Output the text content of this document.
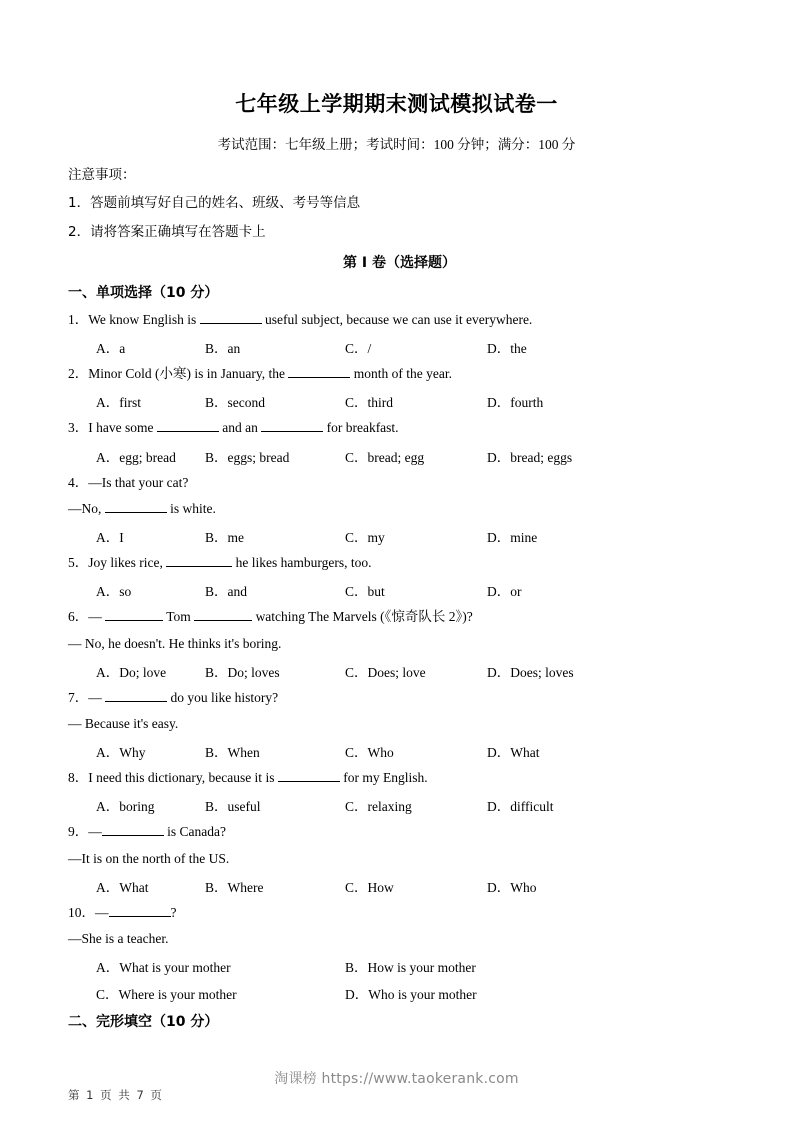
七年级上学期期末测试模拟试卷一
考试范围：七年级上册；考试时间：100 分钟；满分：100 分

注意事项：

1．答题前填写好自己的姓名、班级、考号等信息

2．请将答案正确填写在答题卡上

第 I 卷（选择题）

一、单项选择（10 分）

1．We know English is	useful subject, because we can use it everywhere.

A．a	B．an	C．/	D．the

2．Minor Cold (小寒) is in January, the	month of the year.

A．first	B．second	C．third	D．fourth

3．I have some	and an	for breakfast.

A．egg; bread B．eggs; bread	C．bread; egg	D．bread; eggs

4．—Is that your cat?

—No,	is white.

A．I	B．me	C．my	D．mine

5．Joy likes rice,	he likes hamburgers, too.

A．so	B．and	C．but	D．or

6．—	Tom	watching The Marvels (《惊奇队长 2》)?

— No, he doesn't. He thinks it's boring.

A．Do; love	B．Do; loves	C．Does; love	D．Does; loves

7．—	do you like history?

— Because it's easy.

A．Why	B．When	C．Who	D．What

8．I need this dictionary, because it is	for my English.

A．boring	B．useful	C．relaxing	D．difficult

9．—	is Canada?

—It is on the north of the US.

A．What	B．Where	C．How	D．Who

10．—	?

—She is a teacher.

A．What is your mother	B．How is your mother
C．Where is your mother	D．Who is your mother

二、完形填空（10 分）

淘课榜 https://www.taokerank.com
第 1 页 共 7 页
